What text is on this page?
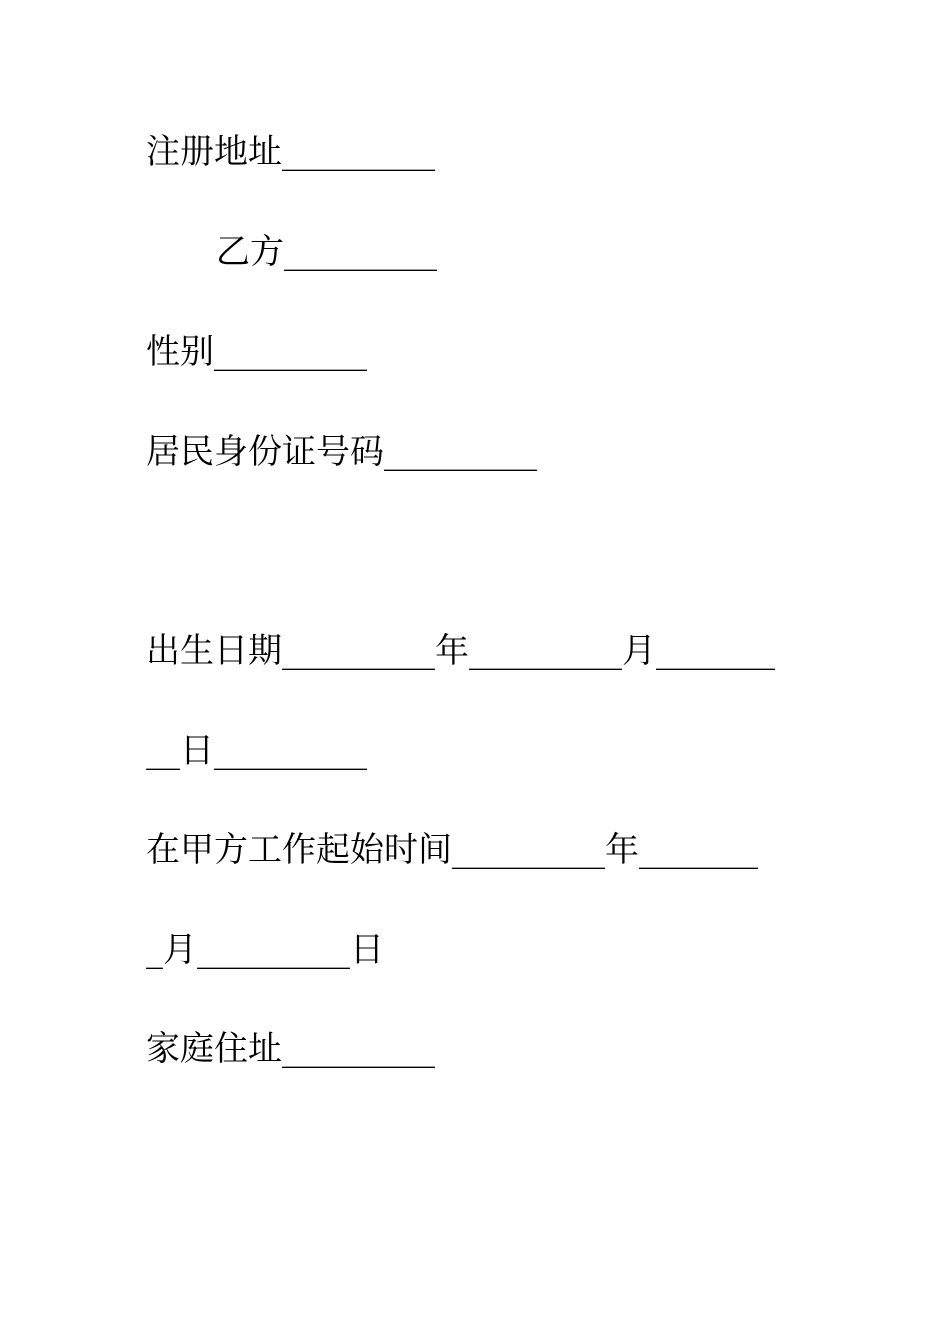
注册地址_________
乙方_________
性别_________
居民身份证号码_________
出生日期_________年_________月_______
__日_________
在甲方工作起始时间_________年_______
_月_________日
家庭住址_________
